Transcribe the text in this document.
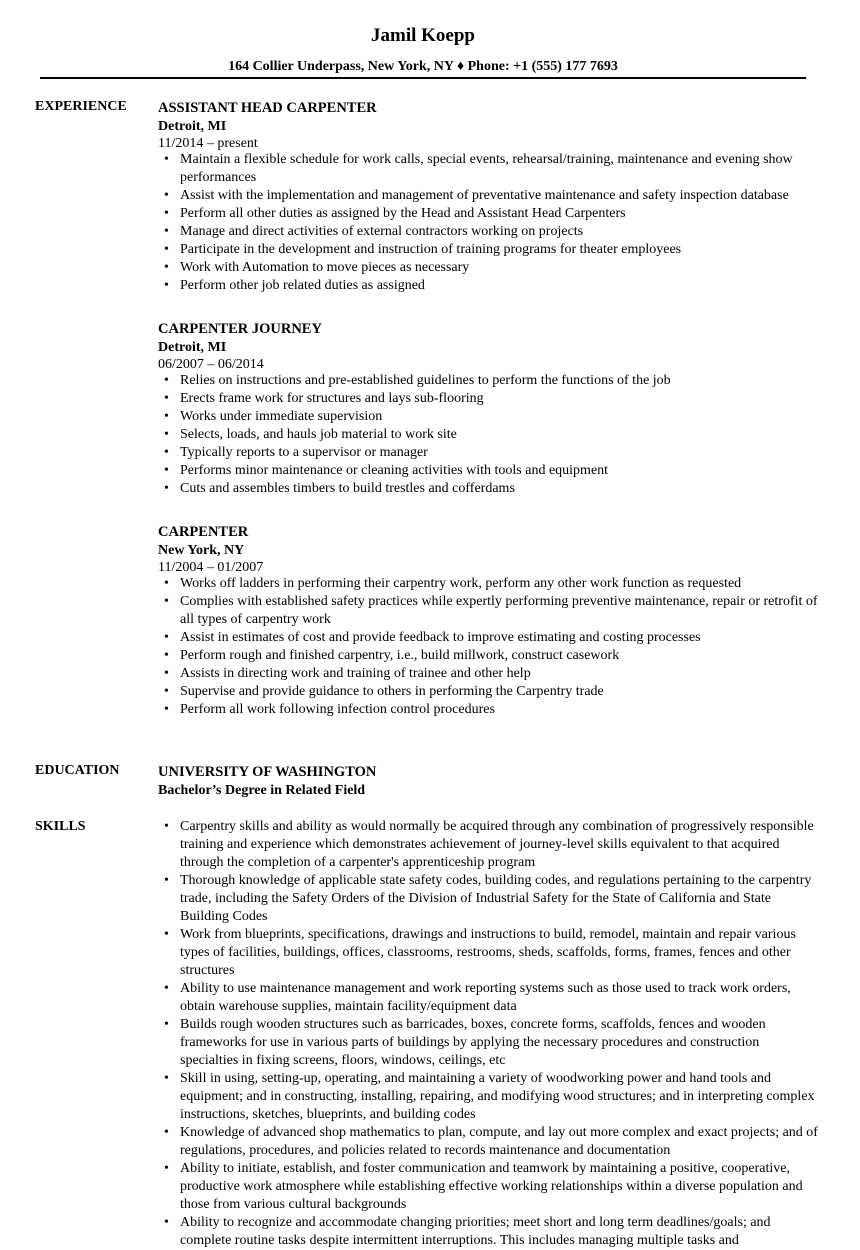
Jamil Koepp
164 Collier Underpass, New York, NY ♦ Phone: +1 (555) 177 7693
EXPERIENCE	ASSISTANT HEAD CARPENTER
Detroit, MI
11/2014 – present
• Maintain a flexible schedule for work calls, special events, rehearsal/training, maintenance and evening show performances
• Assist with the implementation and management of preventative maintenance and safety inspection database
• Perform all other duties as assigned by the Head and Assistant Head Carpenters
• Manage and direct activities of external contractors working on projects
• Participate in the development and instruction of training programs for theater employees
• Work with Automation to move pieces as necessary
• Perform other job related duties as assigned
CARPENTER JOURNEY
Detroit, MI
06/2007 – 06/2014
• Relies on instructions and pre-established guidelines to perform the functions of the job
• Erects frame work for structures and lays sub-flooring
• Works under immediate supervision
• Selects, loads, and hauls job material to work site
• Typically reports to a supervisor or manager
• Performs minor maintenance or cleaning activities with tools and equipment
• Cuts and assembles timbers to build trestles and cofferdams
CARPENTER
New York, NY
11/2004 – 01/2007
• Works off ladders in performing their carpentry work, perform any other work function as requested
• Complies with established safety practices while expertly performing preventive maintenance, repair or retrofit of all types of carpentry work
• Assist in estimates of cost and provide feedback to improve estimating and costing processes
• Perform rough and finished carpentry, i.e., build millwork, construct casework
• Assists in directing work and training of trainee and other help
• Supervise and provide guidance to others in performing the Carpentry trade
• Perform all work following infection control procedures
EDUCATION	UNIVERSITY OF WASHINGTON
Bachelor’s Degree in Related Field
SKILLS
•	Carpentry skills and ability as would normally be acquired through any combination of progressively responsible training and experience which demonstrates achievement of journey-level skills equivalent to that acquired through the completion of a carpenter's apprenticeship program
• Thorough knowledge of applicable state safety codes, building codes, and regulations pertaining to the carpentry trade, including the Safety Orders of the Division of Industrial Safety for the State of California and State Building Codes
• Work from blueprints, specifications, drawings and instructions to build, remodel, maintain and repair various types of facilities, buildings, offices, classrooms, restrooms, sheds, scaffolds, forms, frames, fences and other structures
• Ability to use maintenance management and work reporting systems such as those used to track work orders, obtain warehouse supplies, maintain facility/equipment data
• Builds rough wooden structures such as barricades, boxes, concrete forms, scaffolds, fences and wooden frameworks for use in various parts of buildings by applying the necessary procedures and construction specialties in fixing screens, floors, windows, ceilings, etc
• Skill in using, setting-up, operating, and maintaining a variety of woodworking power and hand tools and equipment; and in constructing, installing, repairing, and modifying wood structures; and in interpreting complex instructions, sketches, blueprints, and building codes
• Knowledge of advanced shop mathematics to plan, compute, and lay out more complex and exact projects; and of regulations, procedures, and policies related to records maintenance and documentation
• Ability to initiate, establish, and foster communication and teamwork by maintaining a positive, cooperative, productive work atmosphere while establishing effective working relationships within a diverse population and those from various cultural backgrounds
• Ability to recognize and accommodate changing priorities; meet short and long term deadlines/goals; and complete routine tasks despite intermittent interruptions. This includes managing multiple tasks and
